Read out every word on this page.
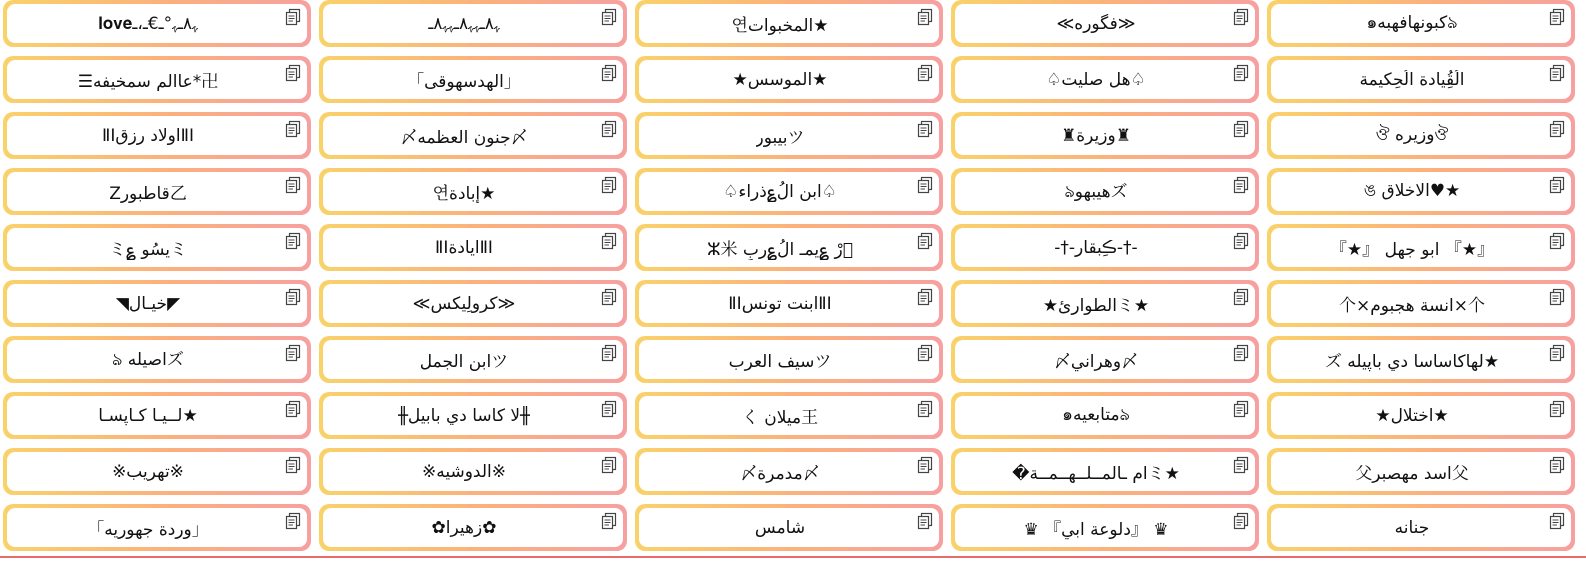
ﮩ٨ـﮩ°ـ€ـ،ـ𝐥𝐨𝐯𝐞	ﮩ٨ـﮩﮩ٨ـﮩﮩ٨ـ	★المخبوات연	≪فگوره≫	ঌكبونهافهبه๑
卍*عاالم سمخيفه☰	「الهدسهوقى」	★الموسس★	♤هل صليت♤	الُقُِيادة الُحِكيمة
ⅡⅠاولاد رزقⅡⅠ	〆جنون العظمه〆	ツبيبور	♜وزيرة♜	ঔوزيره ঔ
乙قاطبورZ	★إبادة연	♤ابن الُ؏ذراء♤	ズهيبهوঌ	★♥الاخلاق ঙ
ミيسُو ؏ミ	ⅡⅠايادةⅡⅠ	Ꮨِرْ ؏يمـ الُ؏ربِ ⵣ米	-†-ڪِبقار-†-	『★』 ابو جهل 『★』
◤خيـال◥	≪كرولِيكس≫	ⅡⅠابنت تونسⅡⅠ	★ミالطوارئ★	个×انسة هجبوم×个
ズاصيله ঌ	ツابن الجمل	ツسيف العرب	〆وهراني〆	★لهاكاساسا دي باپيله ズ
★لــيـا كـاپسـا	╫لا كاسا دي بابيل╫	王ميلان く	ঌمتابعيه๑	★اختلال★
※تهريب※	※الدوشيه※	〆مدمرة〆	★ミام ـالمــلــهــمــة�	父اسد مهصبر父
「وردة جهوريه」	✿زهيرا✿	شامس	♛ 『دلوعة ابي』 ♛	جنانه
